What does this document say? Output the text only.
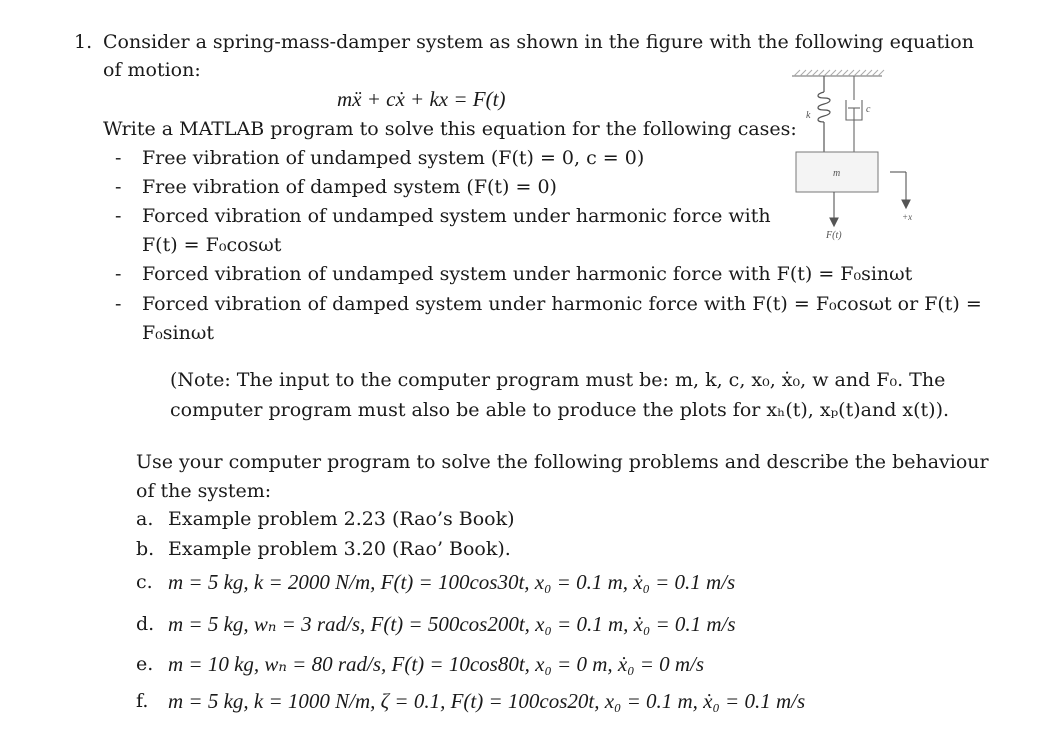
1. Consider a spring-mass-damper system as shown in the figure with the following equation
of motion:
mẍ + cẋ + kx = F(t)
Write a MATLAB program to solve this equation for the following cases:
- Free vibration of undamped system (F(t) = 0, c = 0)
- Free vibration of damped system (F(t) = 0)
- Forced vibration of undamped system under harmonic force with
F(t) = F₀cosωt
- Forced vibration of undamped system under harmonic force with F(t) = F₀sinωt
- Forced vibration of damped system under harmonic force with F(t) = F₀cosωt or F(t) =
F₀sinωt
(Note: The input to the computer program must be: m, k, c, x₀, ẋ₀, w and F₀. The
computer program must also be able to produce the plots for xₕ(t), xₚ(t)and x(t)).
Use your computer program to solve the following problems and describe the behaviour
of the system:
a. Example problem 2.23 (Rao’s Book)
b. Example problem 3.20 (Rao’ Book).
c. m = 5 kg, k = 2000 N/m, F(t) = 100cos30t, x₀ = 0.1 m, ẋ₀ = 0.1 m/s
d. m = 5 kg, wₙ = 3 rad/s, F(t) = 500cos200t, x₀ = 0.1 m, ẋ₀ = 0.1 m/s
e. m = 10 kg, wₙ = 80 rad/s, F(t) = 10cos80t, x₀ = 0 m, ẋ₀ = 0 m/s
f. m = 5 kg, k = 1000 N/m, ζ = 0.1, F(t) = 100cos20t, x₀ = 0.1 m, ẋ₀ = 0.1 m/s
k
c
m
F(t)
+x
